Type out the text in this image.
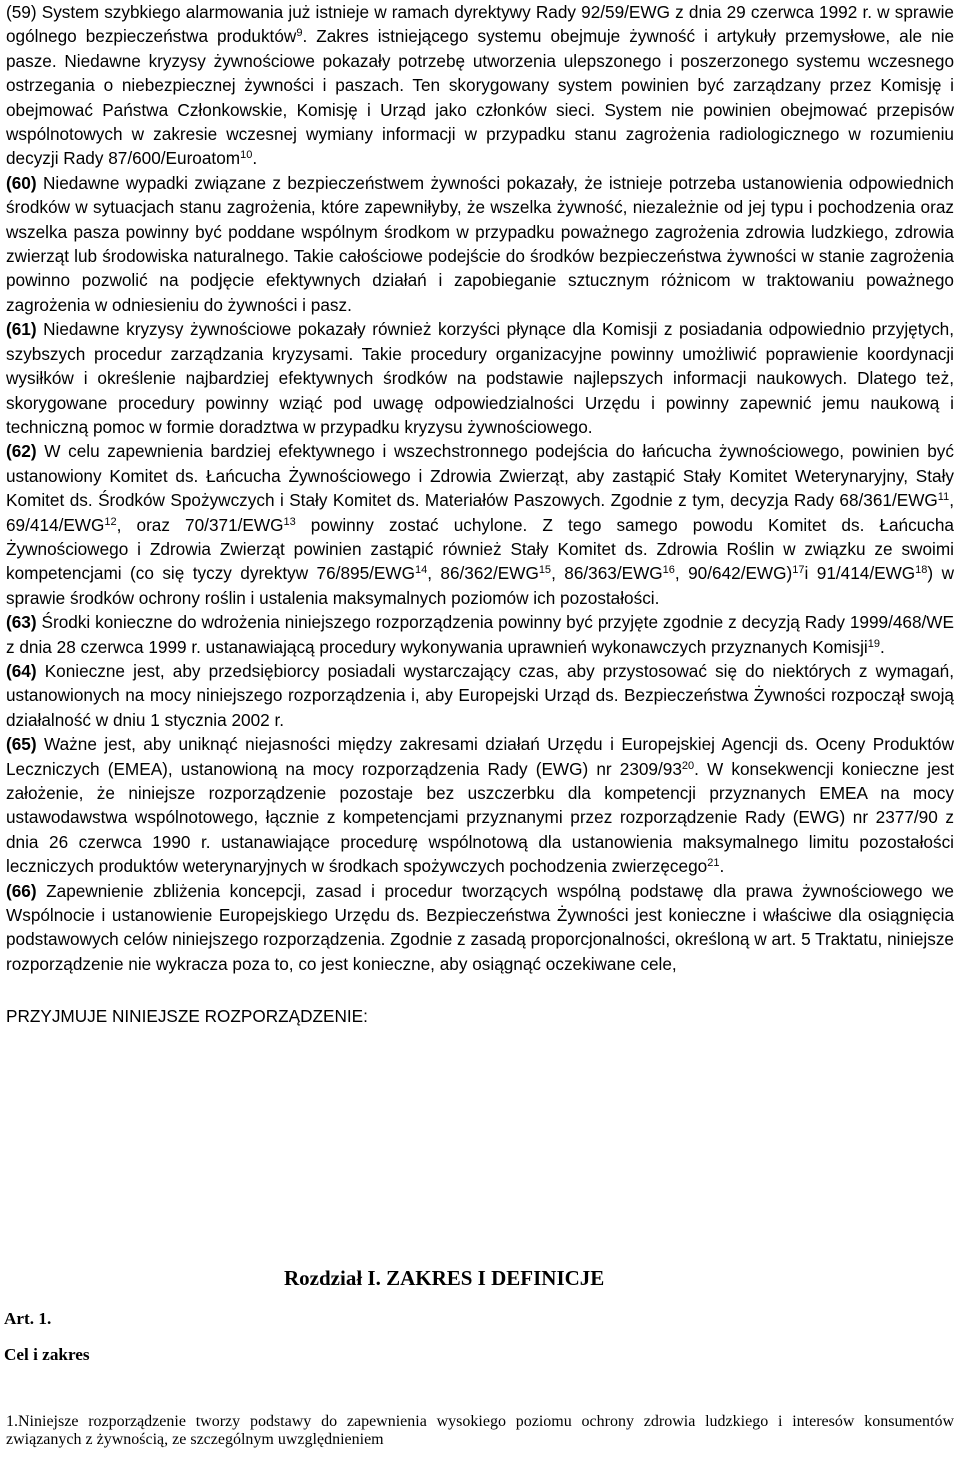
(59) System szybkiego alarmowania już istnieje w ramach dyrektywy Rady 92/59/EWG z dnia 29 czerwca 1992 r. w sprawie ogólnego bezpieczeństwa produktów$^9$. Zakres istniejącego systemu obejmuje żywność i artykuły przemysłowe, ale nie pasze. Niedawne kryzysy żywnościowe pokazały potrzebę utworzenia ulepszonego i poszerzonego systemu wczesnego ostrzegania o niebezpiecznej żywności i paszach. Ten skorygowany system powinien być zarządzany przez Komisję i obejmować Państwa Członkowskie, Komisję i Urząd jako członków sieci. System nie powinien obejmować przepisów wspólnotowych w zakresie wczesnej wymiany informacji w przypadku stanu zagrożenia radiologicznego w rozumieniu decyzji Rady 87/600/Euroatom$^{10}$.

(60) Niedawne wypadki związane z bezpieczeństwem żywności pokazały, że istnieje potrzeba ustanowienia odpowiednich środków w sytuacjach stanu zagrożenia, które zapewniłyby, że wszelka żywność, niezależnie od jej typu i pochodzenia oraz wszelka pasza powinny być poddane wspólnym środkom w przypadku poważnego zagrożenia zdrowia ludzkiego, zdrowia zwierząt lub środowiska naturalnego. Takie całościowe podejście do środków bezpieczeństwa żywności w stanie zagrożenia powinno pozwolić na podjęcie efektywnych działań i zapobieganie sztucznym różnicom w traktowaniu poważnego zagrożenia w odniesieniu do żywności i pasz.

(61) Niedawne kryzysy żywnościowe pokazały również korzyści płynące dla Komisji z posiadania odpowiednio przyjętych, szybszych procedur zarządzania kryzysami. Takie procedury organizacyjne powinny umożliwić poprawienie koordynacji wysiłków i określenie najbardziej efektywnych środków na podstawie najlepszych informacji naukowych. Dlatego też, skorygowane procedury powinny wziąć pod uwagę odpowiedzialności Urzędu i powinny zapewnić jemu naukową i techniczną pomoc w formie doradztwa w przypadku kryzysu żywnościowego.

(62) W celu zapewnienia bardziej efektywnego i wszechstronnego podejścia do łańcucha żywnościowego, powinien być ustanowiony Komitet ds. Łańcucha Żywnościowego i Zdrowia Zwierząt, aby zastąpić Stały Komitet Weterynaryjny, Stały Komitet ds. Środków Spożywczych i Stały Komitet ds. Materiałów Paszowych. Zgodnie z tym, decyzja Rady 68/361/EWG$^{11}$, 69/414/EWG$^{12}$, oraz 70/371/EWG$^{13}$ powinny zostać uchylone. Z tego samego powodu Komitet ds. Łańcucha Żywnościowego i Zdrowia Zwierząt powinien zastąpić również Stały Komitet ds. Zdrowia Roślin w związku ze swoimi kompetencjami (co się tyczy dyrektyw 76/895/EWG$^{14}$, 86/362/EWG$^{15}$, 86/363/EWG$^{16}$, 90/642/EWG)$^{17}$i 91/414/EWG$^{18}$) w sprawie środków ochrony roślin i ustalenia maksymalnych poziomów ich pozostałości.

(63) Środki konieczne do wdrożenia niniejszego rozporządzenia powinny być przyjęte zgodnie z decyzją Rady 1999/468/WE z dnia 28 czerwca 1999 r. ustanawiającą procedury wykonywania uprawnień wykonawczych przyznanych Komisji$^{19}$.

(64) Konieczne jest, aby przedsiębiorcy posiadali wystarczający czas, aby przystosować się do niektórych z wymagań, ustanowionych na mocy niniejszego rozporządzenia i, aby Europejski Urząd ds. Bezpieczeństwa Żywności rozpoczął swoją działalność w dniu 1 stycznia 2002 r.

(65) Ważne jest, aby uniknąć niejasności między zakresami działań Urzędu i Europejskiej Agencji ds. Oceny Produktów Leczniczych (EMEA), ustanowioną na mocy rozporządzenia Rady (EWG) nr $2309/93^{20}$. W konsekwencji konieczne jest założenie, że niniejsze rozporządzenie pozostaje bez uszczerbku dla kompetencji przyznanych EMEA na mocy ustawodawstwa wspólnotowego, łącznie z kompetencjami przyznanymi przez rozporządzenie Rady (EWG) nr 2377/90 z dnia 26 czerwca 1990 r. ustanawiające procedurę wspólnotową dla ustanowienia maksymalnego limitu pozostałości leczniczych produktów weterynaryjnych w środkach spożywczych pochodzenia zwierzęcego$^{21}$.

(66) Zapewnienie zbliżenia koncepcji, zasad i procedur tworzących wspólną podstawę dla prawa żywnościowego we Wspólnocie i ustanowienie Europejskiego Urzędu ds. Bezpieczeństwa Żywności jest konieczne i właściwe dla osiągnięcia podstawowych celów niniejszego rozporządzenia. Zgodnie z zasadą proporcjonalności, określoną w art. 5 Traktatu, niniejsze rozporządzenie nie wykracza poza to, co jest konieczne, aby osiągnąć oczekiwane cele,

PRZYJMUJE NINIEJSZE ROZPORZĄDZENIE:

Rozdział I. ZAKRES I DEFINICJE
Art. 1.
Cel i zakres

1.Niniejsze rozporządzenie tworzy podstawy do zapewnienia wysokiego poziomu ochrony zdrowia ludzkiego i interesów konsumentów związanych z żywnością, ze szczególnym uwzględnieniem
